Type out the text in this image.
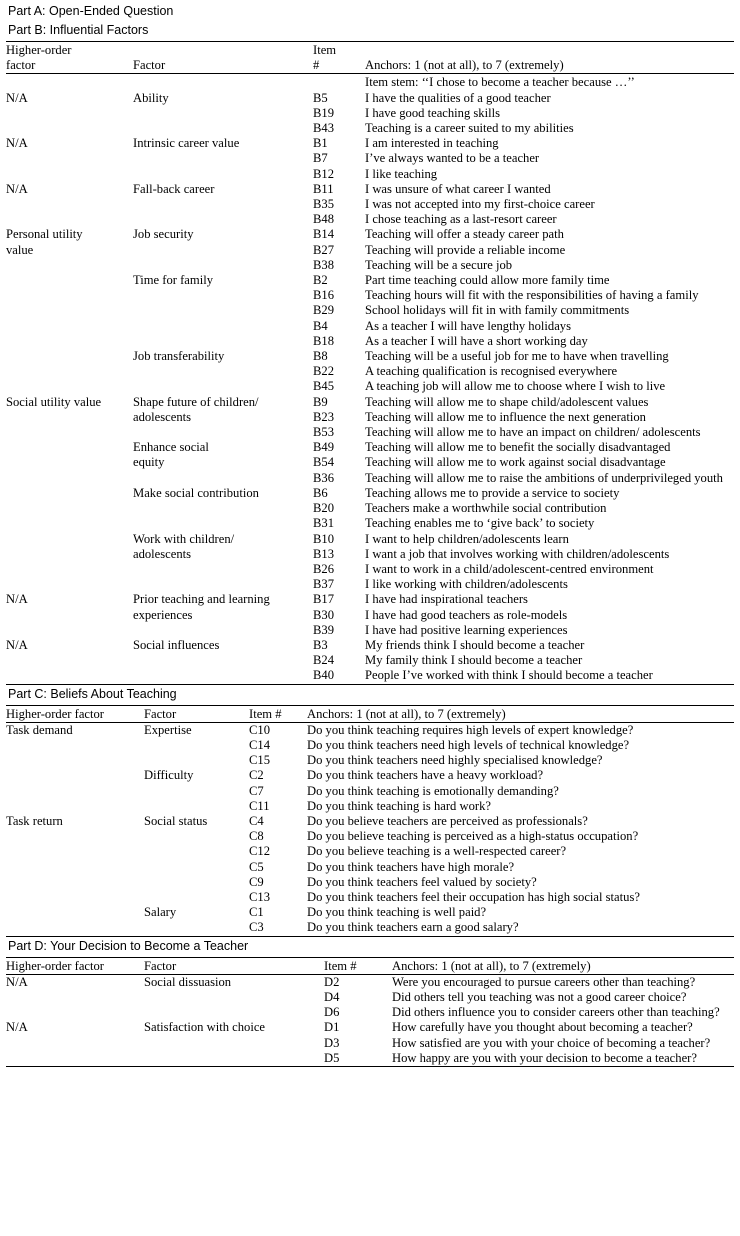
Part A: Open-Ended Question
Part B: Influential Factors
Higher-order		Item	
factor	Factor	#	Anchors: 1 (not at all), to 7 (extremely)
			Item stem: ‘‘I chose to become a teacher because …’’
N/A	Ability	B5	I have the qualities of a good teacher
		B19	I have good teaching skills
		B43	Teaching is a career suited to my abilities
N/A	Intrinsic career value	B1	I am interested in teaching
		B7	I’ve always wanted to be a teacher
		B12	I like teaching
N/A	Fall-back career	B11	I was unsure of what career I wanted
		B35	I was not accepted into my first-choice career
		B48	I chose teaching as a last-resort career
Personal utility	Job security	B14	Teaching will offer a steady career path
value		B27	Teaching will provide a reliable income
		B38	Teaching will be a secure job
	Time for family	B2	Part time teaching could allow more family time
		B16	Teaching hours will fit with the responsibilities of having a family
		B29	School holidays will fit in with family commitments
		B4	As a teacher I will have lengthy holidays
		B18	As a teacher I will have a short working day
	Job transferability	B8	Teaching will be a useful job for me to have when travelling
		B22	A teaching qualification is recognised everywhere
		B45	A teaching job will allow me to choose where I wish to live
Social utility value	Shape future of children/	B9	Teaching will allow me to shape child/adolescent values
	adolescents	B23	Teaching will allow me to influence the next generation
		B53	Teaching will allow me to have an impact on children/ adolescents
	Enhance social	B49	Teaching will allow me to benefit the socially disadvantaged
	equity	B54	Teaching will allow me to work against social disadvantage
		B36	Teaching will allow me to raise the ambitions of underprivileged youth
	Make social contribution	B6	Teaching allows me to provide a service to society
		B20	Teachers make a worthwhile social contribution
		B31	Teaching enables me to ‘give back’ to society
	Work with children/	B10	I want to help children/adolescents learn
	adolescents	B13	I want a job that involves working with children/adolescents
		B26	I want to work in a child/adolescent-centred environment
		B37	I like working with children/adolescents
N/A	Prior teaching and learning	B17	I have had inspirational teachers
	experiences	B30	I have had good teachers as role-models
		B39	I have had positive learning experiences
N/A	Social influences	B3	My friends think I should become a teacher
		B24	My family think I should become a teacher
		B40	People I’ve worked with think I should become a teacher
Part C: Beliefs About Teaching
Higher-order factor	Factor	Item #	Anchors: 1 (not at all), to 7 (extremely)
Task demand	Expertise	C10	Do you think teaching requires high levels of expert knowledge?
		C14	Do you think teachers need high levels of technical knowledge?
		C15	Do you think teachers need highly specialised knowledge?
	Difficulty	C2	Do you think teachers have a heavy workload?
		C7	Do you think teaching is emotionally demanding?
		C11	Do you think teaching is hard work?
Task return	Social status	C4	Do you believe teachers are perceived as professionals?
		C8	Do you believe teaching is perceived as a high-status occupation?
		C12	Do you believe teaching is a well-respected career?
		C5	Do you think teachers have high morale?
		C9	Do you think teachers feel valued by society?
		C13	Do you think teachers feel their occupation has high social status?
	Salary	C1	Do you think teaching is well paid?
		C3	Do you think teachers earn a good salary?
Part D: Your Decision to Become a Teacher
Higher-order factor	Factor	Item #	Anchors: 1 (not at all), to 7 (extremely)
N/A	Social dissuasion	D2	Were you encouraged to pursue careers other than teaching?
		D4	Did others tell you teaching was not a good career choice?
		D6	Did others influence you to consider careers other than teaching?
N/A	Satisfaction with choice	D1	How carefully have you thought about becoming a teacher?
		D3	How satisfied are you with your choice of becoming a teacher?
		D5	How happy are you with your decision to become a teacher?
